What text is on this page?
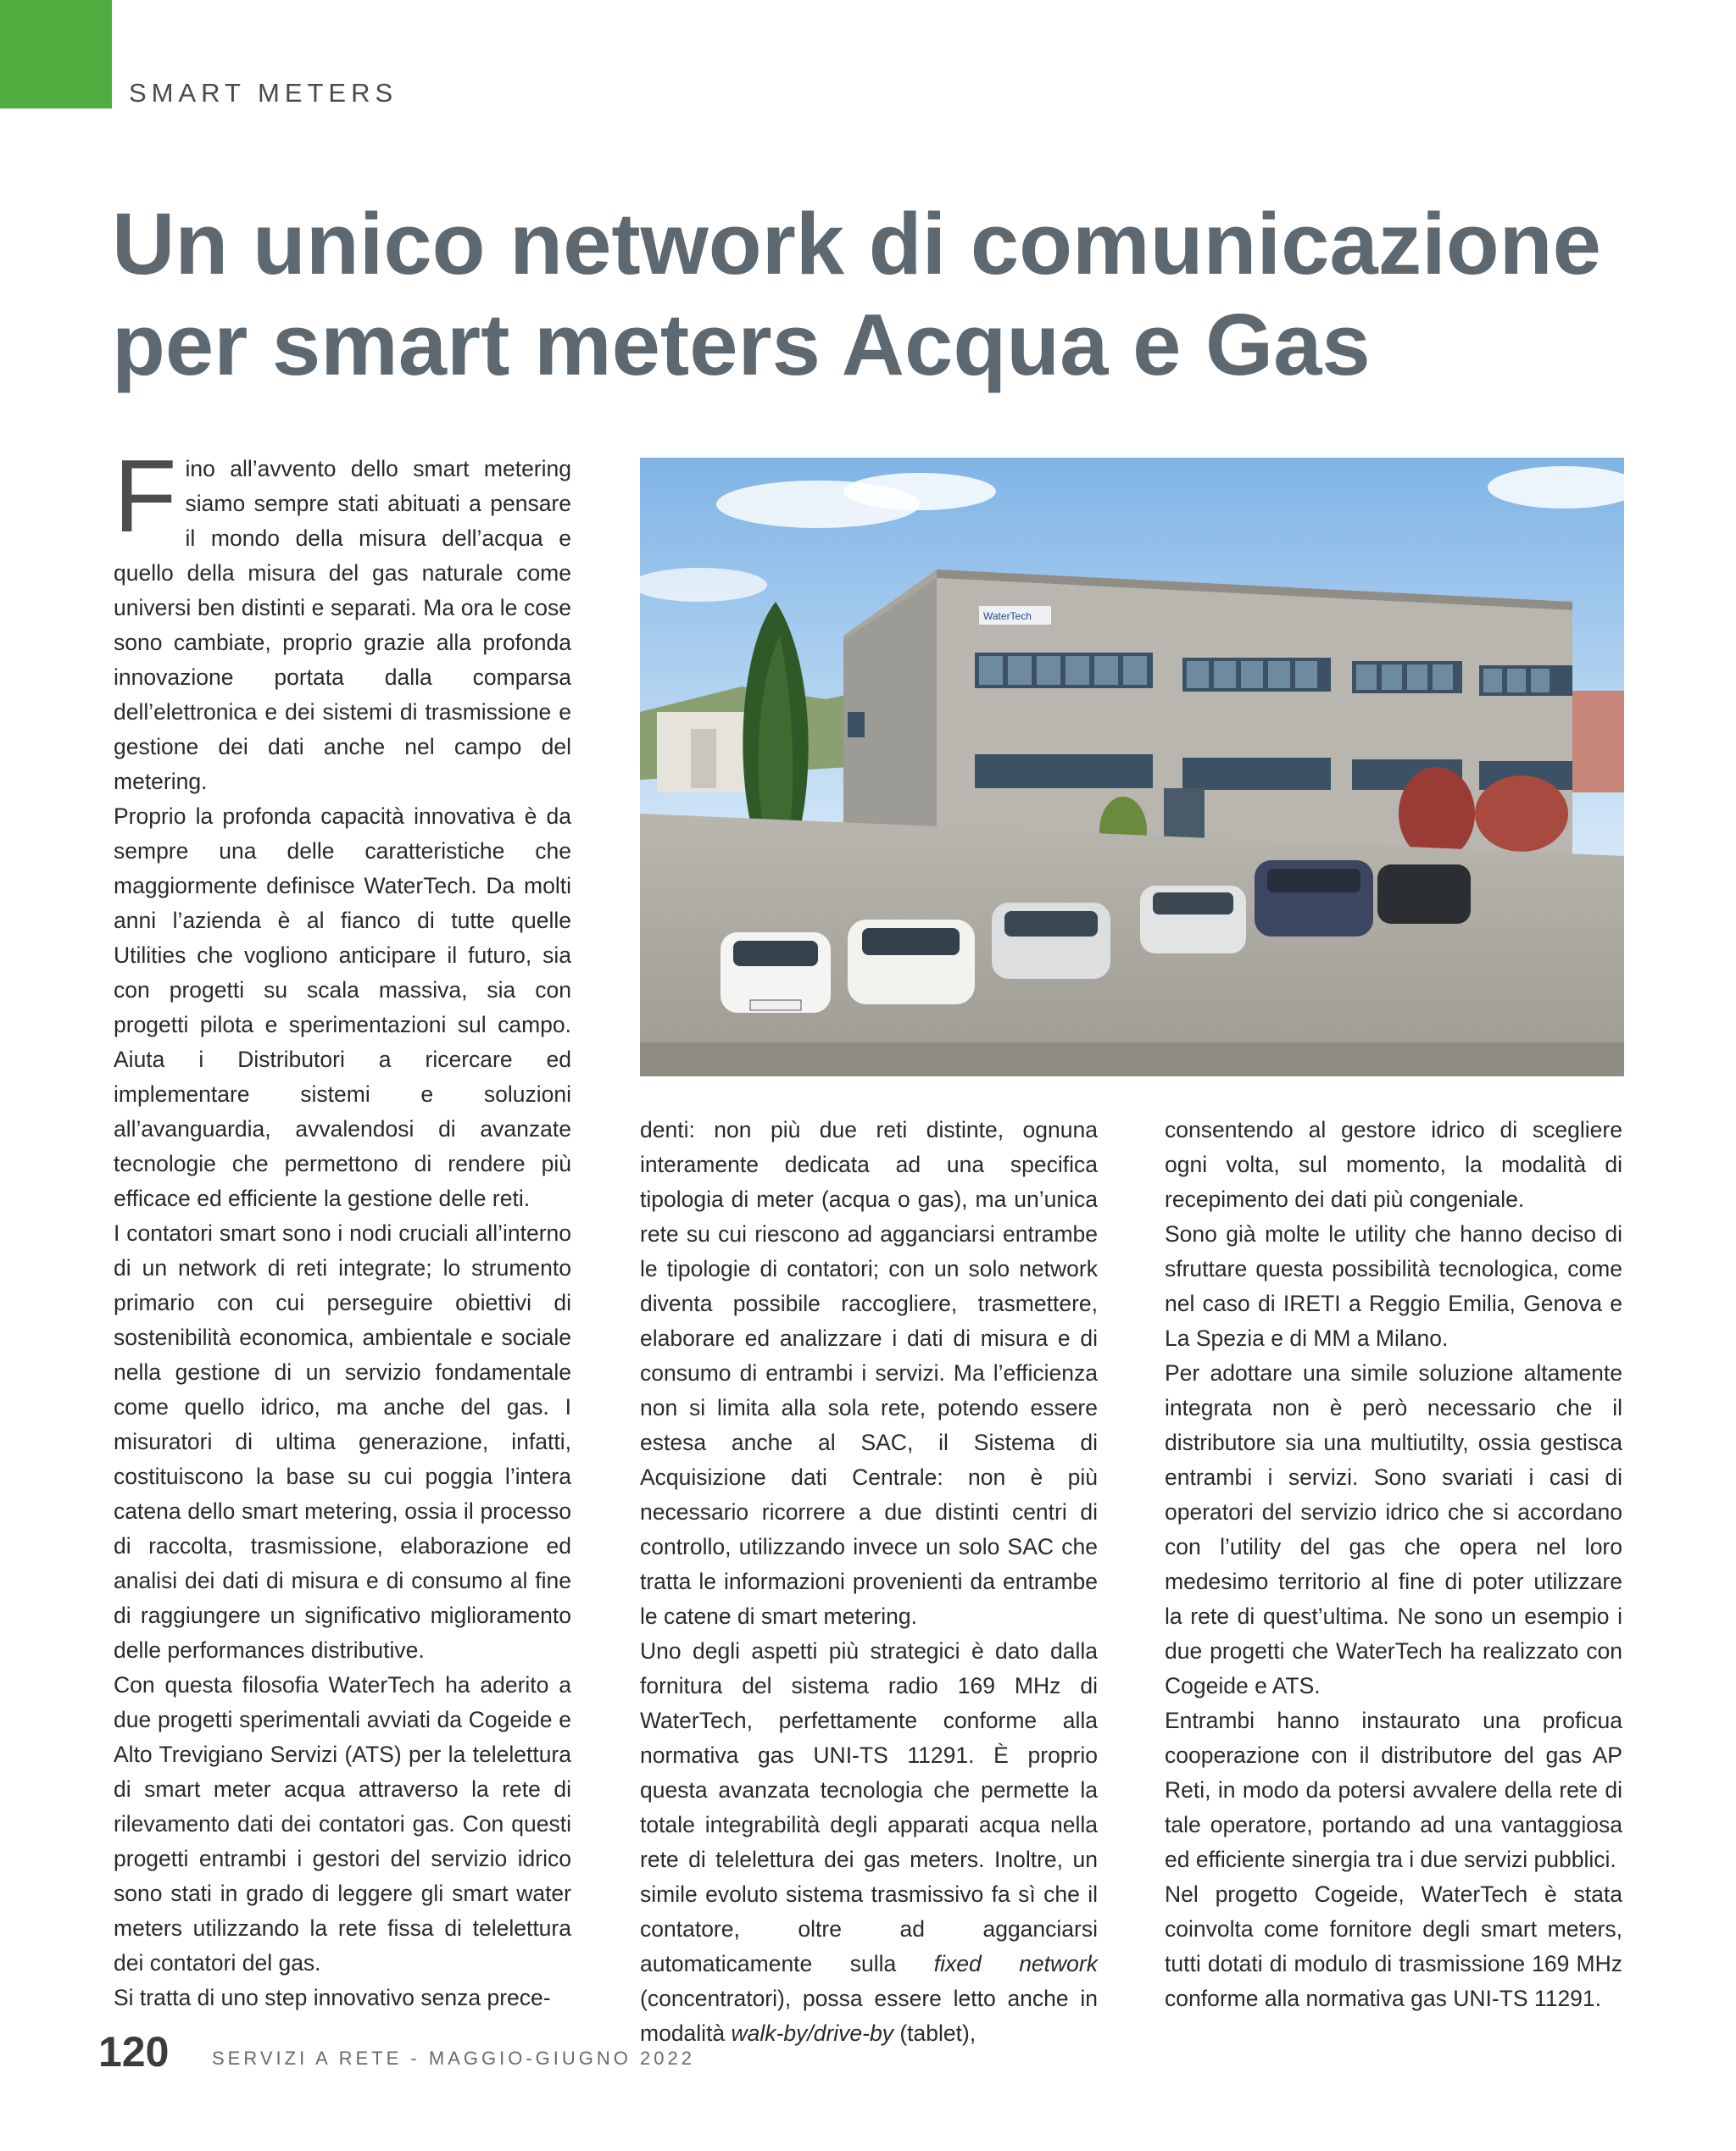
SMART METERS
Un unico network di comunicazione
per smart meters Acqua e Gas

Fino all’avvento dello smart metering siamo sempre stati abituati a pensare il mondo della misura dell’acqua e quello della misura del gas naturale come universi ben distinti e separati. Ma ora le cose sono cambiate, proprio grazie alla profonda innovazione portata dalla comparsa dell’elettronica e dei sistemi di trasmissione e gestione dei dati anche nel campo del metering.

Proprio la profonda capacità innovativa è da sempre una delle caratteristiche che maggiormente definisce WaterTech. Da molti anni l’azienda è al fianco di tutte quelle Utilities che vogliono anticipare il futuro, sia con progetti su scala massiva, sia con progetti pilota e sperimentazioni sul campo. Aiuta i Distributori a ricercare ed implementare sistemi e soluzioni all’avanguardia, avvalendosi di avanzate tecnologie che permettono di rendere più efficace ed efficiente la gestione delle reti.

I contatori smart sono i nodi cruciali all’interno di un network di reti integrate; lo strumento primario con cui perseguire obiettivi di sostenibilità economica, ambientale e sociale nella gestione di un servizio fondamentale come quello idrico, ma anche del gas. I misuratori di ultima generazione, infatti, costituiscono la base su cui poggia l’intera catena dello smart metering, ossia il processo di raccolta, trasmissione, elaborazione ed analisi dei dati di misura e di consumo al fine di raggiungere un significativo miglioramento delle performances distributive.

Con questa filosofia WaterTech ha aderito a due progetti sperimentali avviati da Cogeide e Alto Trevigiano Servizi (ATS) per la telelettura di smart meter acqua attraverso la rete di rilevamento dati dei contatori gas. Con questi progetti entrambi i gestori del servizio idrico sono stati in grado di leggere gli smart water meters utilizzando la rete fissa di telelettura dei contatori del gas.

Si tratta di uno step innovativo senza prece-

WaterTech

denti: non più due reti distinte, ognuna interamente dedicata ad una specifica tipologia di meter (acqua o gas), ma un’unica rete su cui riescono ad agganciarsi entrambe le tipologie di contatori; con un solo network diventa possibile raccogliere, trasmettere, elaborare ed analizzare i dati di misura e di consumo di entrambi i servizi. Ma l’efficienza non si limita alla sola rete, potendo essere estesa anche al SAC, il Sistema di Acquisizione dati Centrale: non è più necessario ricorrere a due distinti centri di controllo, utilizzando invece un solo SAC che tratta le informazioni provenienti da entrambe le catene di smart metering.

Uno degli aspetti più strategici è dato dalla fornitura del sistema radio 169 MHz di WaterTech, perfettamente conforme alla normativa gas UNI-TS 11291. È proprio questa avanzata tecnologia che permette la totale integrabilità degli apparati acqua nella rete di telelettura dei gas meters. Inoltre, un simile evoluto sistema trasmissivo fa sì che il contatore, oltre ad agganciarsi automaticamente sulla fixed network (concentratori), possa essere letto anche in modalità walk-by/drive-by (tablet),

consentendo al gestore idrico di scegliere ogni volta, sul momento, la modalità di recepimento dei dati più congeniale.

Sono già molte le utility che hanno deciso di sfruttare questa possibilità tecnologica, come nel caso di IRETI a Reggio Emilia, Genova e La Spezia e di MM a Milano.

Per adottare una simile soluzione altamente integrata non è però necessario che il distributore sia una multiutilty, ossia gestisca entrambi i servizi. Sono svariati i casi di operatori del servizio idrico che si accordano con l’utility del gas che opera nel loro medesimo territorio al fine di poter utilizzare la rete di quest’ultima. Ne sono un esempio i due progetti che WaterTech ha realizzato con Cogeide e ATS.

Entrambi hanno instaurato una proficua cooperazione con il distributore del gas AP Reti, in modo da potersi avvalere della rete di tale operatore, portando ad una vantaggiosa ed efficiente sinergia tra i due servizi pubblici.

Nel progetto Cogeide, WaterTech è stata coinvolta come fornitore degli smart meters, tutti dotati di modulo di trasmissione 169 MHz conforme alla normativa gas UNI-TS 11291.

120 SERVIZI A RETE - MAGGIO-GIUGNO 2022
